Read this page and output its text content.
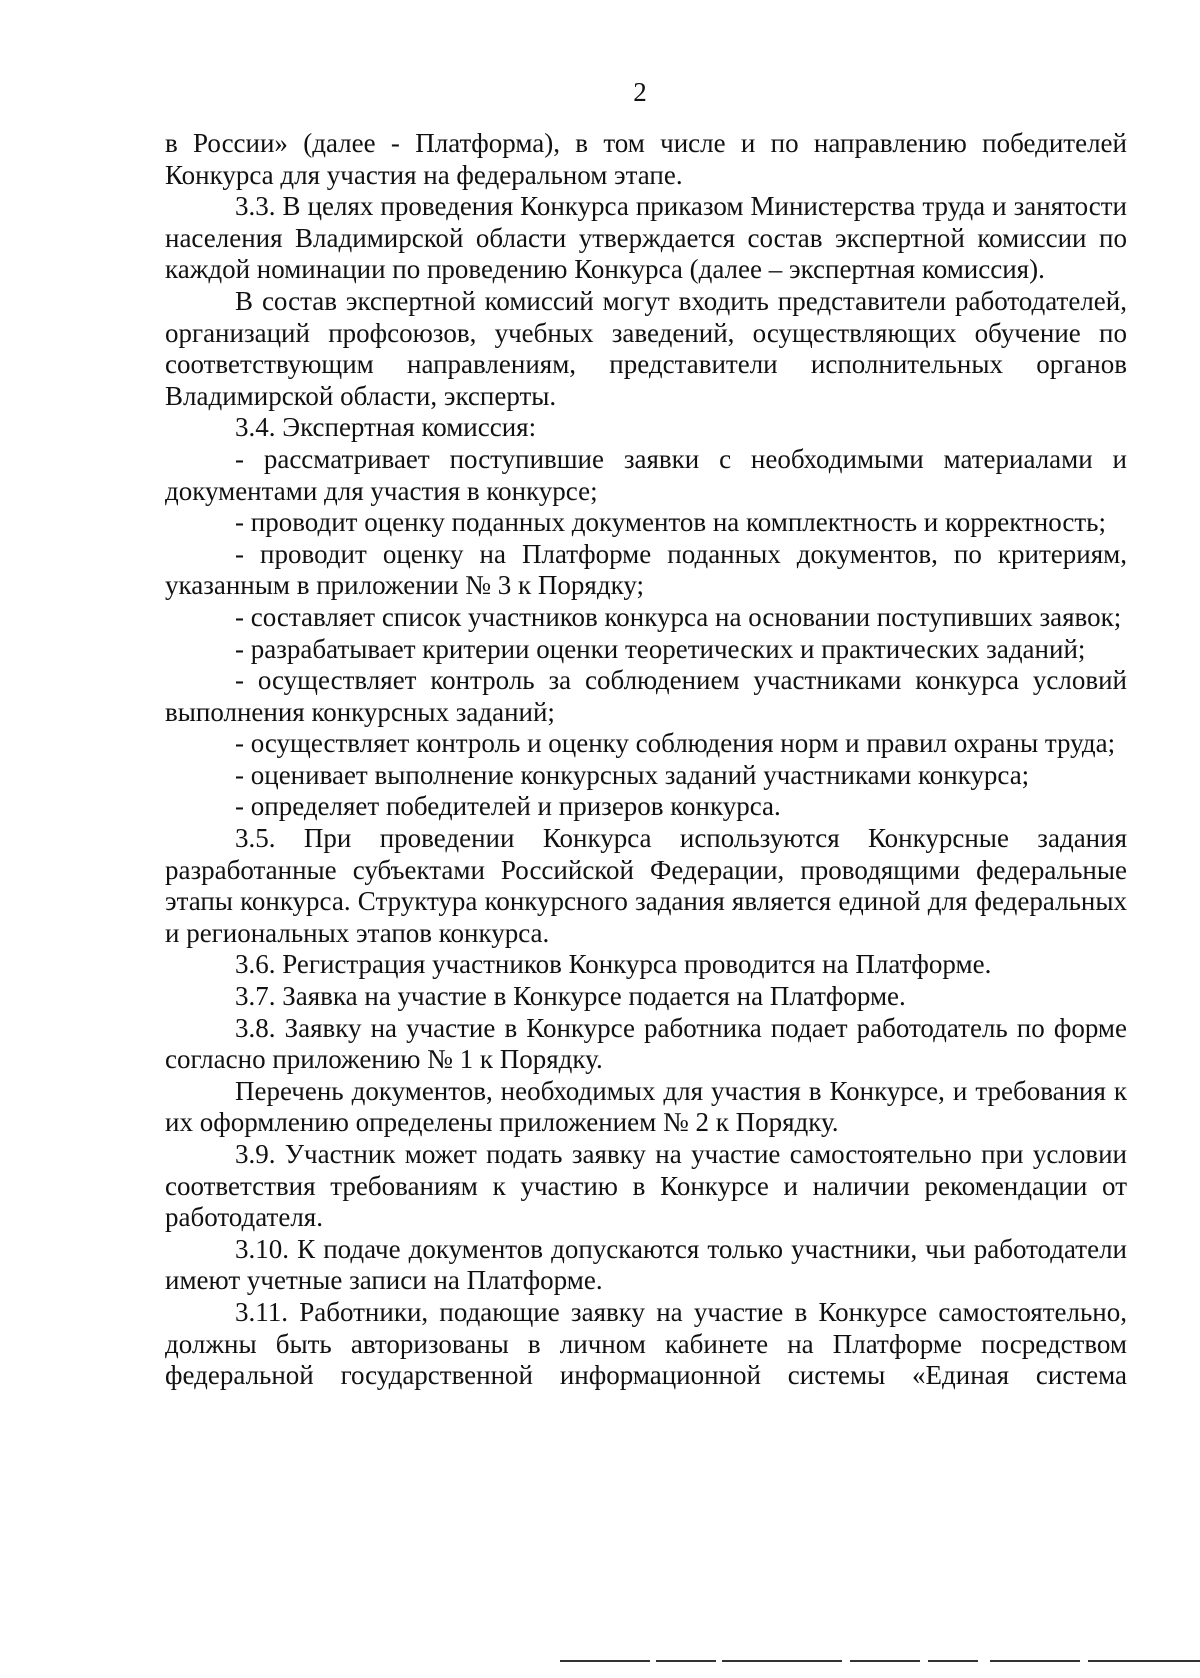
2

в России» (далее - Платформа), в том числе и по направлению победителей Конкурса для участия на федеральном этапе.

3.3. В целях проведения Конкурса приказом Министерства труда и занятости населения Владимирской области утверждается состав экспертной комиссии по каждой номинации по проведению Конкурса (далее – экспертная комиссия).

В состав экспертной комиссий могут входить представители работодателей, организаций профсоюзов, учебных заведений, осуществляющих обучение по соответствующим направлениям, представители исполнительных органов Владимирской области, эксперты.

3.4. Экспертная комиссия:

- рассматривает поступившие заявки с необходимыми материалами и документами для участия в конкурсе;

- проводит оценку поданных документов на комплектность и корректность;

- проводит оценку на Платформе поданных документов, по критериям, указанным в приложении № 3 к Порядку;

- составляет список участников конкурса на основании поступивших заявок;

- разрабатывает критерии оценки теоретических и практических заданий;

- осуществляет контроль за соблюдением участниками конкурса условий выполнения конкурсных заданий;

- осуществляет контроль и оценку соблюдения норм и правил охраны труда;

- оценивает выполнение конкурсных заданий участниками конкурса;

- определяет победителей и призеров конкурса.

3.5. При проведении Конкурса используются Конкурсные задания разработанные субъектами Российской Федерации, проводящими федеральные этапы конкурса. Структура конкурсного задания является единой для федеральных и региональных этапов конкурса.

3.6. Регистрация участников Конкурса проводится на Платформе.

3.7. Заявка на участие в Конкурсе подается на Платформе.

3.8. Заявку на участие в Конкурсе работника подает работодатель по форме согласно приложению № 1 к Порядку.

Перечень документов, необходимых для участия в Конкурсе, и требования к их оформлению определены приложением № 2 к Порядку.

3.9. Участник может подать заявку на участие самостоятельно при условии соответствия требованиям к участию в Конкурсе и наличии рекомендации от работодателя.

3.10. К подаче документов допускаются только участники, чьи работодатели имеют учетные записи на Платформе.

3.11. Работники, подающие заявку на участие в Конкурсе самостоятельно, должны быть авторизованы в личном кабинете на Платформе посредством федеральной государственной информационной системы «Единая система
